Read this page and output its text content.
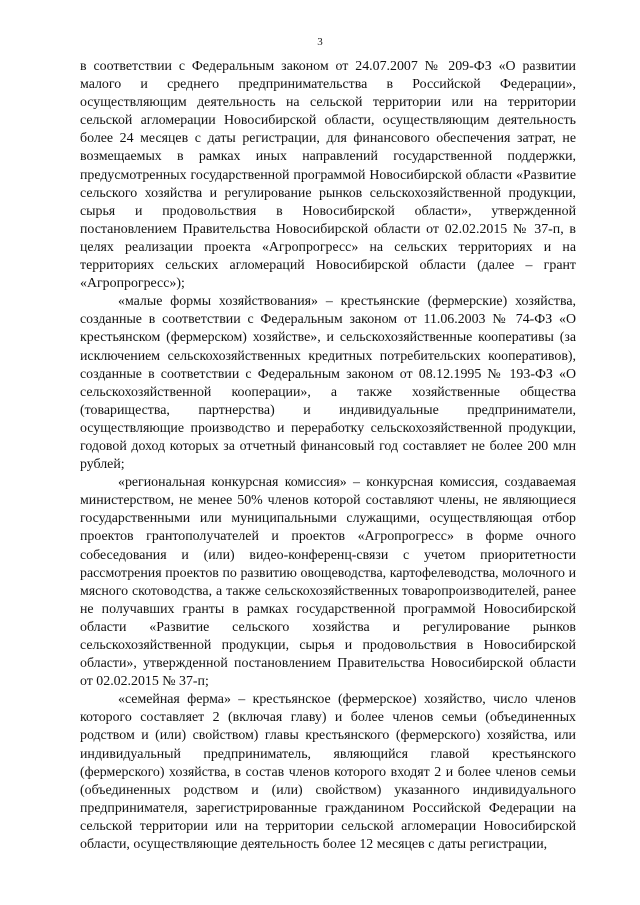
3

в соответствии с Федеральным законом от 24.07.2007 № 209-ФЗ «О развитии малого и среднего предпринимательства в Российской Федерации», осуществляющим деятельность на сельской территории или на территории сельской агломерации Новосибирской области, осуществляющим деятельность более 24 месяцев с даты регистрации, для финансового обеспечения затрат, не возмещаемых в рамках иных направлений государственной поддержки, предусмотренных государственной программой Новосибирской области «Развитие сельского хозяйства и регулирование рынков сельскохозяйственной продукции, сырья и продовольствия в Новосибирской области», утвержденной постановлением Правительства Новосибирской области от 02.02.2015 № 37-п, в целях реализации проекта «Агропрогресс» на сельских территориях и на территориях сельских агломераций Новосибирской области (далее – грант «Агропрогресс»);

«малые формы хозяйствования» – крестьянские (фермерские) хозяйства, созданные в соответствии с Федеральным законом от 11.06.2003 № 74-ФЗ «О крестьянском (фермерском) хозяйстве», и сельскохозяйственные кооперативы (за исключением сельскохозяйственных кредитных потребительских кооперативов), созданные в соответствии с Федеральным законом от 08.12.1995 № 193-ФЗ «О сельскохозяйственной кооперации», а также хозяйственные общества (товарищества, партнерства) и индивидуальные предприниматели, осуществляющие производство и переработку сельскохозяйственной продукции, годовой доход которых за отчетный финансовый год составляет не более 200 млн рублей;

«региональная конкурсная комиссия» – конкурсная комиссия, создаваемая министерством, не менее 50% членов которой составляют члены, не являющиеся государственными или муниципальными служащими, осуществляющая отбор проектов грантополучателей и проектов «Агропрогресс» в форме очного собеседования и (или) видео-конференц-связи с учетом приоритетности рассмотрения проектов по развитию овощеводства, картофелеводства, молочного и мясного скотоводства, а также сельскохозяйственных товаропроизводителей, ранее не получавших гранты в рамках государственной программой Новосибирской области «Развитие сельского хозяйства и регулирование рынков сельскохозяйственной продукции, сырья и продовольствия в Новосибирской области», утвержденной постановлением Правительства Новосибирской области от 02.02.2015 № 37-п;

«семейная ферма» – крестьянское (фермерское) хозяйство, число членов которого составляет 2 (включая главу) и более членов семьи (объединенных родством и (или) свойством) главы крестьянского (фермерского) хозяйства, или индивидуальный предприниматель, являющийся главой крестьянского (фермерского) хозяйства, в состав членов которого входят 2 и более членов семьи (объединенных родством и (или) свойством) указанного индивидуального предпринимателя, зарегистрированные гражданином Российской Федерации на сельской территории или на территории сельской агломерации Новосибирской области, осуществляющие деятельность более 12 месяцев с даты регистрации,
